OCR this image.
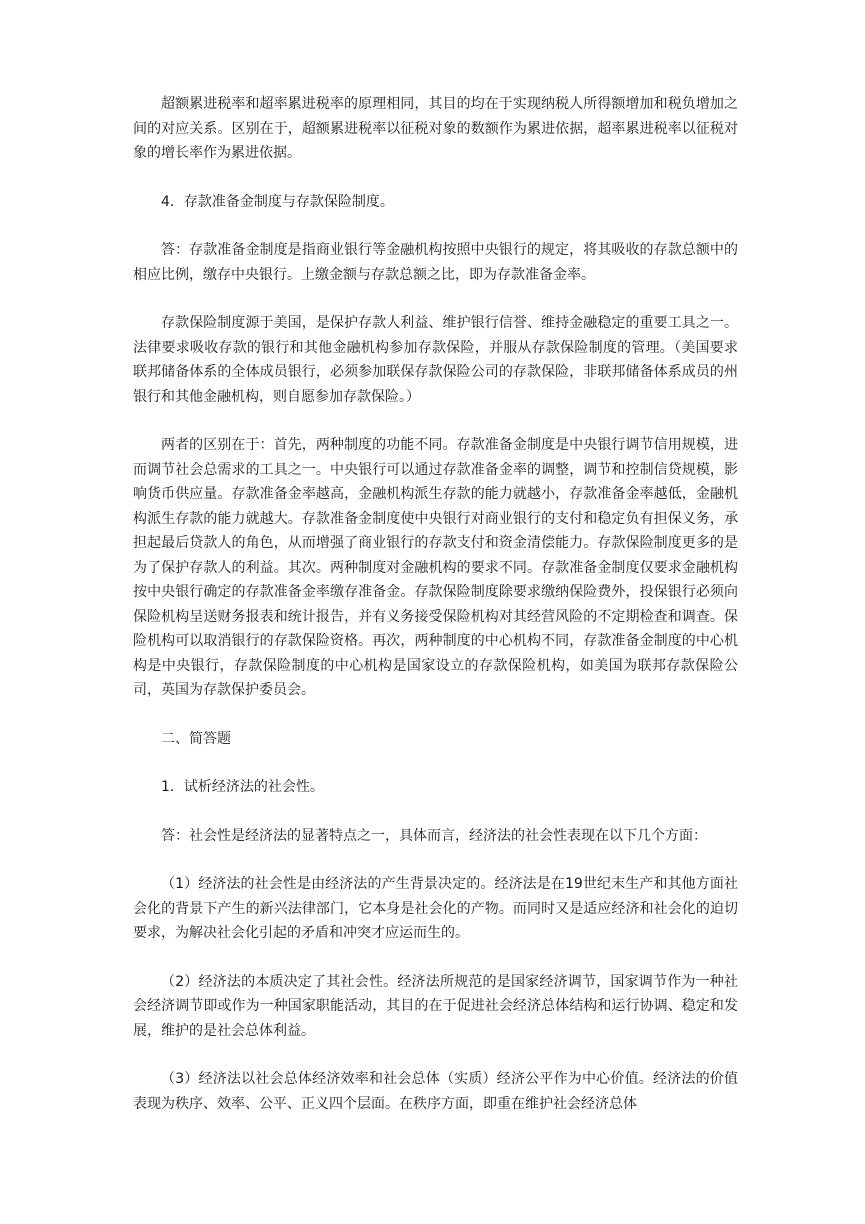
超额累进税率和超率累进税率的原理相同，其目的均在于实现纳税人所得额增加和税负增加之间的对应关系。区别在于，超额累进税率以征税对象的数额作为累进依据，超率累进税率以征税对象的增长率作为累进依据。

4．存款准备金制度与存款保险制度。

答：存款准备金制度是指商业银行等金融机构按照中央银行的规定，将其吸收的存款总额中的相应比例，缴存中央银行。上缴金额与存款总额之比，即为存款准备金率。

存款保险制度源于美国，是保护存款人利益、维护银行信誉、维持金融稳定的重要工具之一。法律要求吸收存款的银行和其他金融机构参加存款保险，并服从存款保险制度的管理。（美国要求联邦储备体系的全体成员银行，必须参加联保存款保险公司的存款保险，非联邦储备体系成员的州银行和其他金融机构，则自愿参加存款保险。）

两者的区别在于：首先，两种制度的功能不同。存款准备金制度是中央银行调节信用规模，进而调节社会总需求的工具之一。中央银行可以通过存款准备金率的调整，调节和控制信贷规模，影响货币供应量。存款准备金率越高，金融机构派生存款的能力就越小，存款准备金率越低，金融机构派生存款的能力就越大。存款准备金制度使中央银行对商业银行的支付和稳定负有担保义务，承担起最后贷款人的角色，从而增强了商业银行的存款支付和资金清偿能力。存款保险制度更多的是为了保护存款人的利益。其次。两种制度对金融机构的要求不同。存款准备金制度仅要求金融机构按中央银行确定的存款准备金率缴存准备金。存款保险制度除要求缴纳保险费外，投保银行必须向保险机构呈送财务报表和统计报告，并有义务接受保险机构对其经营风险的不定期检查和调查。保险机构可以取消银行的存款保险资格。再次，两种制度的中心机构不同，存款准备金制度的中心机构是中央银行，存款保险制度的中心机构是国家设立的存款保险机构，如美国为联邦存款保险公司，英国为存款保护委员会。

二、简答题

1．试析经济法的社会性。

答：社会性是经济法的显著特点之一，具体而言，经济法的社会性表现在以下几个方面：

（1）经济法的社会性是由经济法的产生背景决定的。经济法是在19世纪末生产和其他方面社会化的背景下产生的新兴法律部门，它本身是社会化的产物。而同时又是适应经济和社会化的迫切要求，为解决社会化引起的矛盾和冲突才应运而生的。

（2）经济法的本质决定了其社会性。经济法所规范的是国家经济调节，国家调节作为一种社会经济调节即或作为一种国家职能活动，其目的在于促进社会经济总体结构和运行协调、稳定和发展，维护的是社会总体利益。

（3）经济法以社会总体经济效率和社会总体（实质）经济公平作为中心价值。经济法的价值表现为秩序、效率、公平、正义四个层面。在秩序方面，即重在维护社会经济总体
